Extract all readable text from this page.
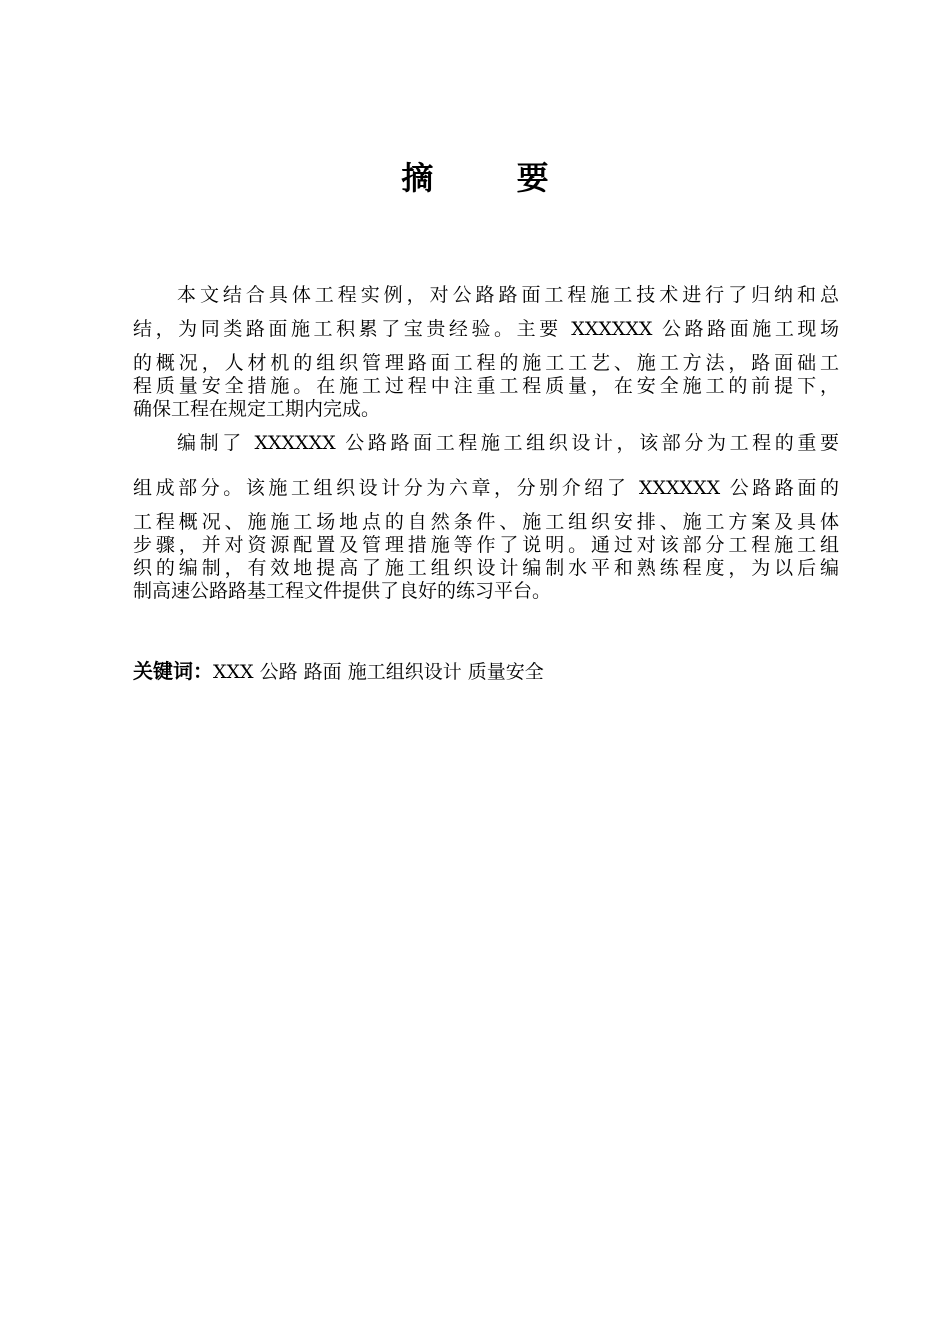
摘 要
本文结合具体工程实例，对公路路面工程施工技术进行了归纳和总
结，为同类路面施工积累了宝贵经验。主要 XXXXXX 公路路面施工现场
的概况，人材机的组织管理路面工程的施工工艺、施工方法，路面础工
程质量安全措施。在施工过程中注重工程质量，在安全施工的前提下，
确保工程在规定工期内完成。
编制了 XXXXXX 公路路面工程施工组织设计，该部分为工程的重要
组成部分。该施工组织设计分为六章，分别介绍了 XXXXXX 公路路面的
工程概况、施施工场地点的自然条件、施工组织安排、施工方案及具体
步骤，并对资源配置及管理措施等作了说明。通过对该部分工程施工组
织的编制，有效地提高了施工组织设计编制水平和熟练程度，为以后编
制高速公路路基工程文件提供了良好的练习平台。
关键词：XXX 公路 路面 施工组织设计 质量安全
